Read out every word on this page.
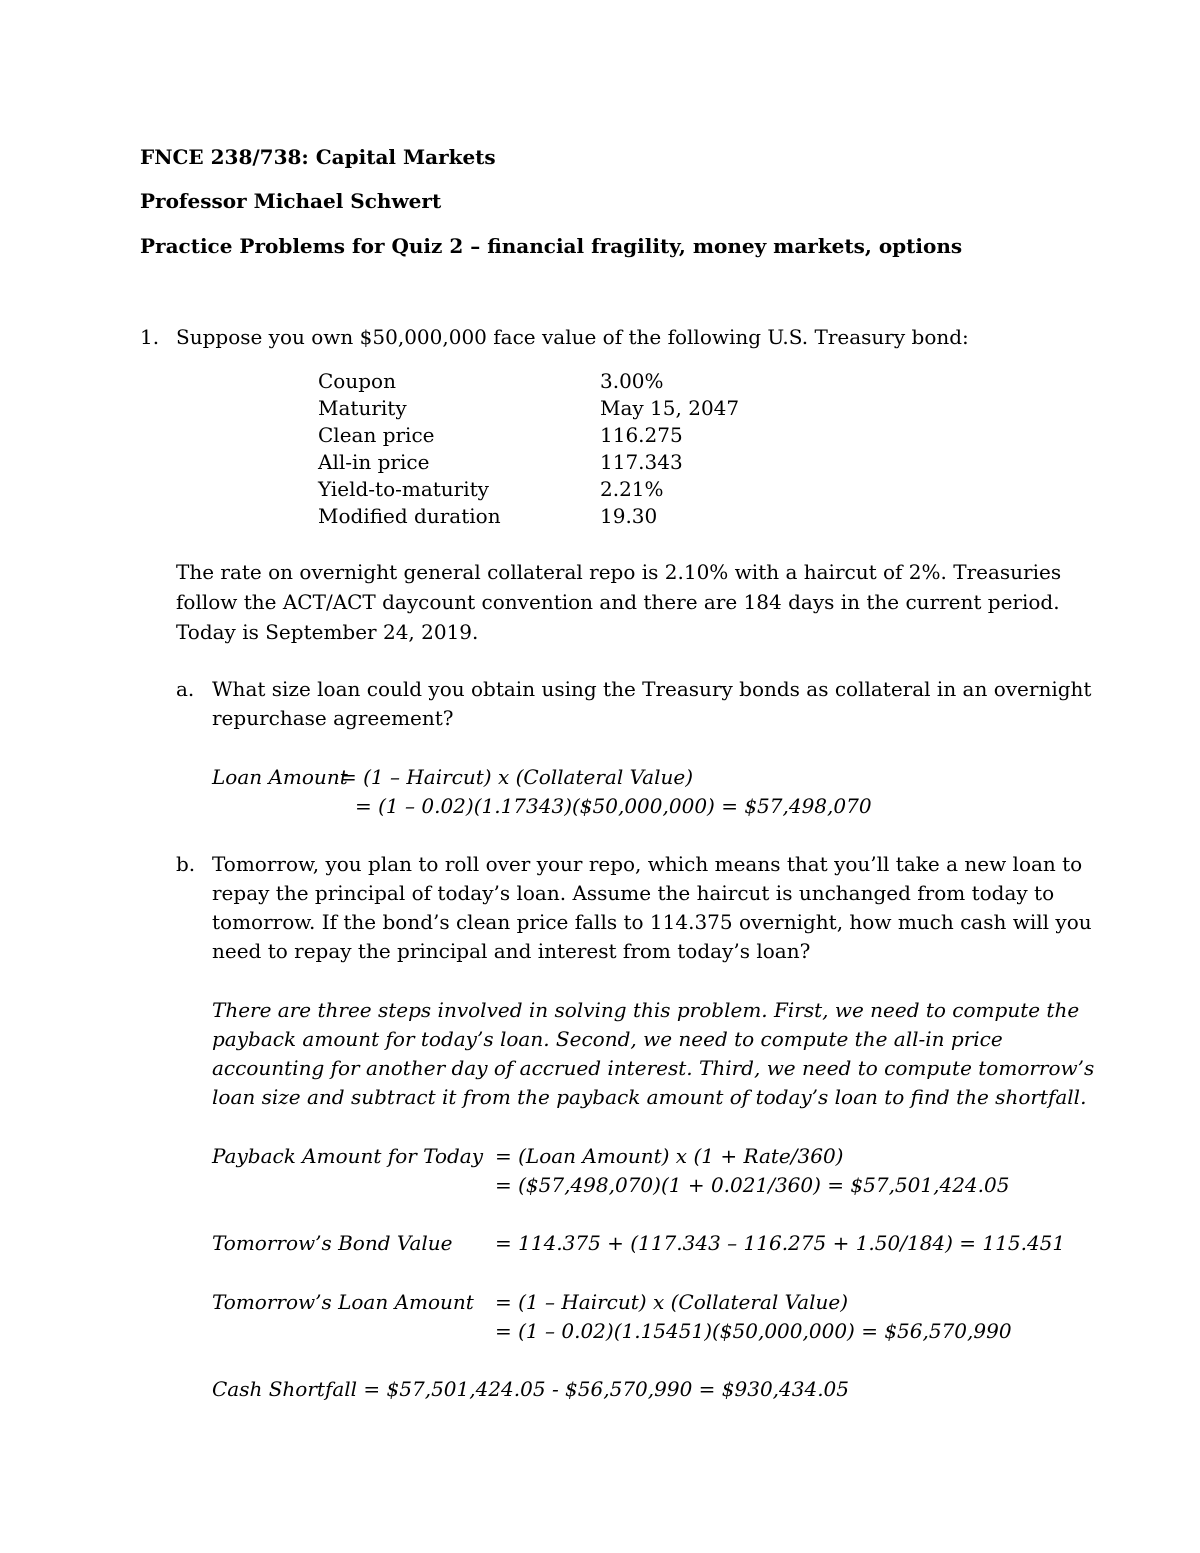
FNCE 238/738: Capital Markets
Professor Michael Schwert
Practice Problems for Quiz 2 – financial fragility, money markets, options
1. Suppose you own $50,000,000 face value of the following U.S. Treasury bond:
Coupon	3.00%
Maturity	May 15, 2047
Clean price	116.275
All-in price	117.343
Yield-to-maturity	2.21%
Modified duration	19.30
The rate on overnight general collateral repo is 2.10% with a haircut of 2%. Treasuries
follow the ACT/ACT daycount convention and there are 184 days in the current period.
Today is September 24, 2019.
a. What size loan could you obtain using the Treasury bonds as collateral in an overnight
repurchase agreement?
Loan Amount
= (1 – Haircut) x (Collateral Value)
= (1 – 0.02)(1.17343)($50,000,000) = $57,498,070
b. Tomorrow, you plan to roll over your repo, which means that you’ll take a new loan to
repay the principal of today’s loan. Assume the haircut is unchanged from today to
tomorrow. If the bond’s clean price falls to 114.375 overnight, how much cash will you
need to repay the principal and interest from today’s loan?
There are three steps involved in solving this problem. First, we need to compute the
payback amount for today’s loan. Second, we need to compute the all-in price
accounting for another day of accrued interest. Third, we need to compute tomorrow’s
loan size and subtract it from the payback amount of today’s loan to find the shortfall.
Payback Amount for Today = (Loan Amount) x (1 + Rate/360)
= ($57,498,070)(1 + 0.021/360) = $57,501,424.05
Tomorrow’s Bond Value = 114.375 + (117.343 – 116.275 + 1.50/184) = 115.451
Tomorrow’s Loan Amount = (1 – Haircut) x (Collateral Value)
= (1 – 0.02)(1.15451)($50,000,000) = $56,570,990
Cash Shortfall = $57,501,424.05 - $56,570,990 = $930,434.05
